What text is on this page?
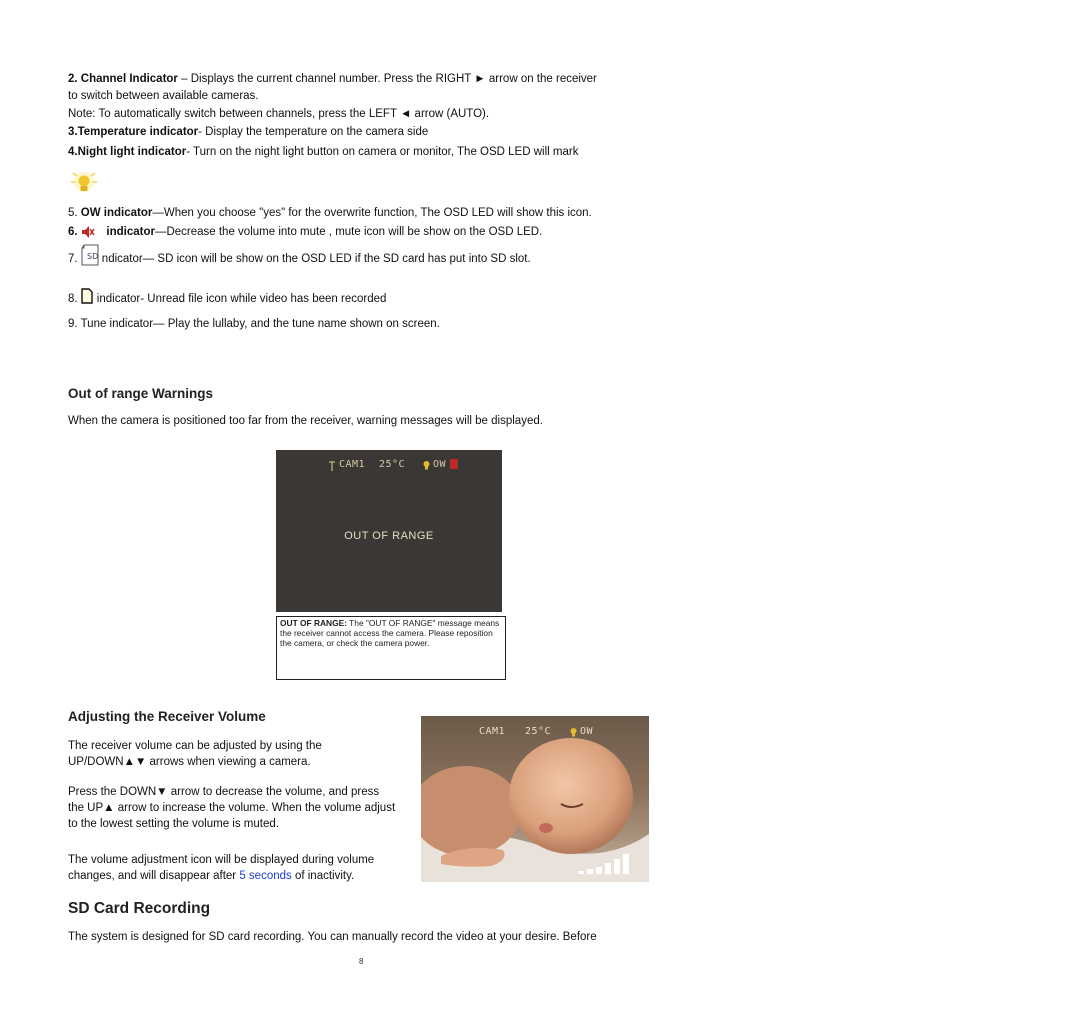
2. Channel Indicator – Displays the current channel number. Press the RIGHT ► arrow on the receiver
to switch between available cameras.
Note: To automatically switch between channels, press the LEFT ◄ arrow (AUTO).
3.Temperature indicator- Display the temperature on the camera side
4.Night light indicator- Turn on the night light button on camera or monitor, The OSD LED will mark
5. OW indicator—When you choose "yes" for the overwrite function, The OSD LED will show this icon.
6.    indicator—Decrease the volume into mute , mute icon will be show on the OSD LED.
7. SD ndicator— SD icon will be show on the OSD LED if the SD card has put into SD slot.
8. indicator- Unread file icon while video has been recorded
9. Tune indicator— Play the lullaby, and the tune name shown on screen.
Out of range Warnings
When the camera is positioned too far from the receiver, warning messages will be displayed.
CAM1 25°C	OW
OUT OF RANGE
OUT OF RANGE: The "OUT OF RANGE" message means the receiver cannot access the camera. Please reposition the camera, or check the camera power.
Adjusting the Receiver Volume
The receiver volume can be adjusted by using the UP/DOWN▲▼ arrows when viewing a camera.
Press the DOWN▼ arrow to decrease the volume, and press the UP▲ arrow to increase the volume. When the volume adjust to the lowest setting the volume is muted.
The volume adjustment icon will be displayed during volume changes, and will disappear after 5 seconds of inactivity.
CAM1 25°C	OW
SD Card Recording
The system is designed for SD card recording. You can manually record the video at your desire. Before
8
